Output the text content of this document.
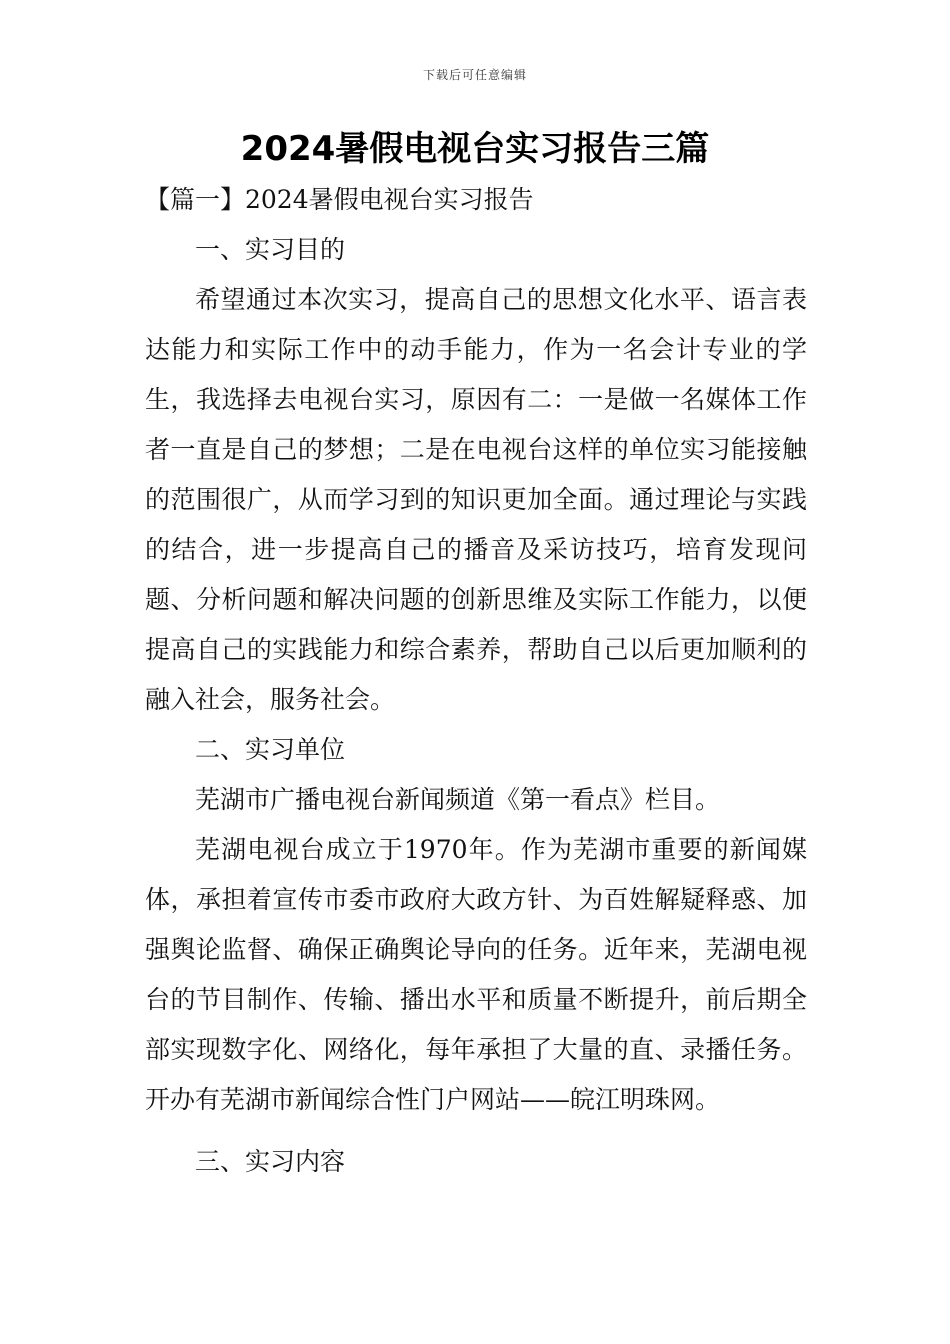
下载后可任意编辑
2024暑假电视台实习报告三篇

【篇一】2024暑假电视台实习报告

一、实习目的

希望通过本次实习，提高自己的思想文化水平、语言表达能力和实际工作中的动手能力，作为一名会计专业的学生，我选择去电视台实习，原因有二：一是做一名媒体工作者一直是自己的梦想；二是在电视台这样的单位实习能接触的范围很广，从而学习到的知识更加全面。通过理论与实践的结合，进一步提高自己的播音及采访技巧，培育发现问题、分析问题和解决问题的创新思维及实际工作能力，以便提高自己的实践能力和综合素养，帮助自己以后更加顺利的融入社会，服务社会。

二、实习单位

芜湖市广播电视台新闻频道《第一看点》栏目。

芜湖电视台成立于1970年。作为芜湖市重要的新闻媒体，承担着宣传市委市政府大政方针、为百姓解疑释惑、加强舆论监督、确保正确舆论导向的任务。近年来，芜湖电视台的节目制作、传输、播出水平和质量不断提升，前后期全部实现数字化、网络化，每年承担了大量的直、录播任务。开办有芜湖市新闻综合性门户网站——皖江明珠网。

三、实习内容
